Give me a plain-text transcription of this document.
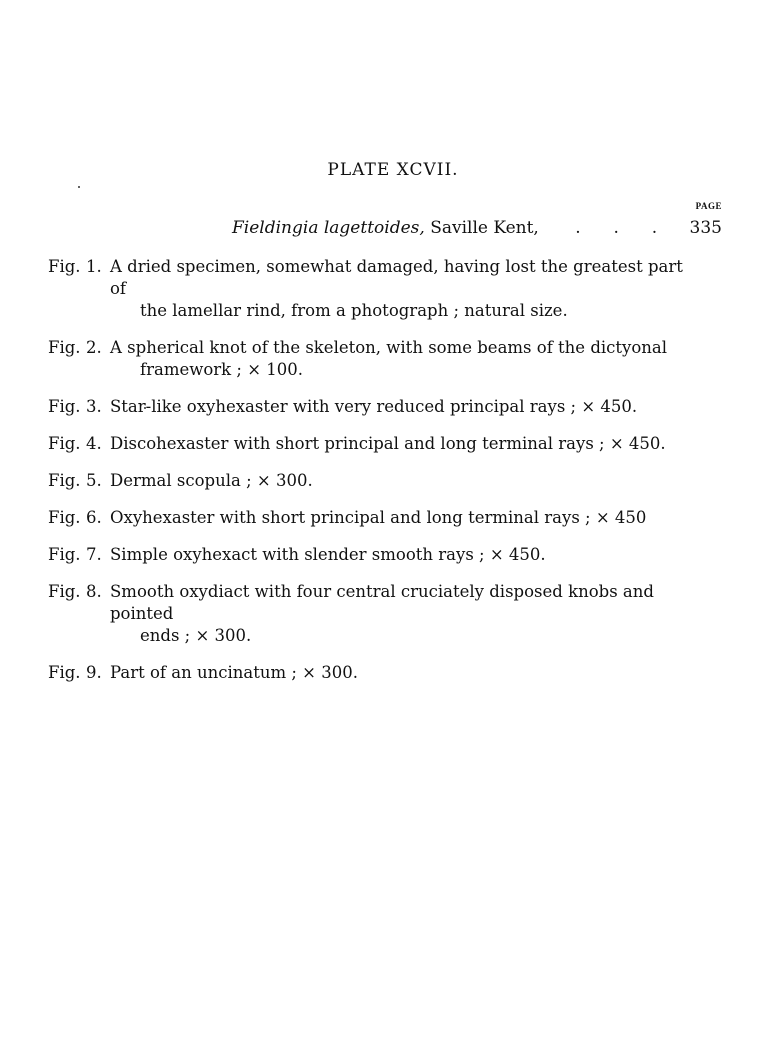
PLATE XCVII.
PAGE
Fieldingia lagettoides, Saville Kent, . . . 335
Fig. 1. A dried specimen, somewhat damaged, having lost the greatest part of
the lamellar rind, from a photograph ; natural size.
Fig. 2. A spherical knot of the skeleton, with some beams of the dictyonal
framework ; × 100.
Fig. 3. Star-like oxyhexaster with very reduced principal rays ; × 450.
Fig. 4. Discohexaster with short principal and long terminal rays ; × 450.
Fig. 5. Dermal scopula ; × 300.
Fig. 6. Oxyhexaster with short principal and long terminal rays ; × 450
Fig. 7. Simple oxyhexact with slender smooth rays ; × 450.
Fig. 8. Smooth oxydiact with four central cruciately disposed knobs and pointed
ends ; × 300.
Fig. 9. Part of an uncinatum ; × 300.
